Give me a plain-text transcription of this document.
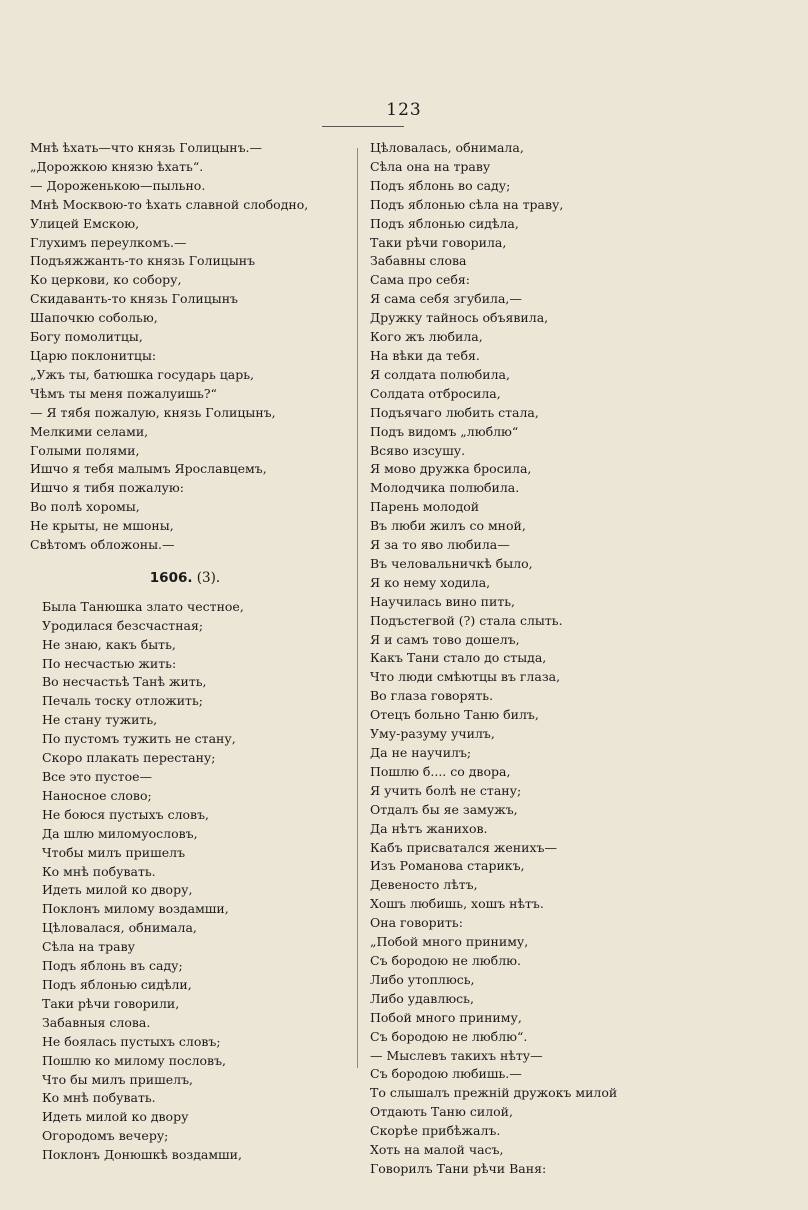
123
Мнѣ ѣхать—что князь Голицынъ.—
„Дорожкою князю ѣхать“.
— Дороженькою—пыльно.
Мнѣ Москвою-то ѣхать славной слободно,
Улицей Емскою,
Глухимъ переулкомъ.—
Подъяжжанть-то князь Голицынъ
Ко церкови, ко собору,
Скидаванть-то князь Голицынъ
Шапочкю соболью,
Богу помолитцы,
Царю поклонитцы:
„Ужъ ты, батюшка государь царь,
Чѣмъ ты меня пожалуишь?“
— Я тябя пожалую, князь Голицынъ,
Мелкими селами,
Голыми полями,
Ишчо я тебя малымъ Ярославцемъ,
Ишчо я тибя пожалую:
Во полѣ хоромы,
Не крыты, не мшоны,
Свѣтомъ обложоны.—
1606. (3).
Была Танюшка злато честное,
Уродилася безсчастная;
Не знаю, какъ быть,
По несчастью жить:
Во несчастьѣ Танѣ жить,
Печаль тоску отложить;
Не стану тужить,
По пустомъ тужить не стану,
Скоро плакать перестану;
Все это пустое—
Наносное слово;
Не боюся пустыхъ словъ,
Да шлю миломуословъ,
Чтобы милъ пришелъ
Ко мнѣ побувать.
Идеть милой ко двору,
Поклонъ милому воздамши,
Цѣловалася, обнимала,
Сѣла на траву
Подъ яблонь въ саду;
Подъ яблонью сидѣли,
Таки рѣчи говорили,
Забавныя слова.
Не боялась пустыхъ словъ;
Пошлю ко милому пословъ,
Что бы милъ пришелъ,
Ко мнѣ побувать.
Идеть милой ко двору
Огородомъ вечеру;
Поклонъ Донюшкѣ воздамши,
Цѣловалась, обнимала,
Сѣла она на траву
Подъ яблонь во саду;
Подъ яблонью сѣла на траву,
Подъ яблонью сидѣла,
Таки рѣчи говорила,
Забавны слова
Сама про себя:
Я сама себя згубила,—
Дружку тайнось объявила,
Кого жъ любила,
На вѣки да тебя.
Я солдата полюбила,
Солдата отбросила,
Подъячаго любить стала,
Подъ видомъ „люблю“
Всяво изсушу.
Я мово дружка бросила,
Молодчика полюбила.
Парень молодой
Въ люби жилъ со мной,
Я за то яво любила—
Въ человальничкѣ было,
Я ко нему ходила,
Научилась вино пить,
Подъстегвой (?) стала слыть.
Я и самъ тово дошелъ,
Какъ Тани стало до стыда,
Что люди смѣютцы въ глаза,
Во глаза говорять.
Отецъ больно Таню билъ,
Уму-разуму училъ,
Да не научилъ;
Пошлю б.... со двора,
Я учить болѣ не стану;
Отдалъ бы яе замужъ,
Да нѣтъ жанихов.
Кабъ присватался женихъ—
Изъ Романова старикъ,
Девеносто лѣтъ,
Хошъ любишь, хошъ нѣтъ.
Она говорить:
„Побой много приниму,
Съ бородою не люблю.
Либо утоплюсь,
Либо удавлюсь,
Побой много приниму,
Съ бородою не люблю“.
— Мыслевъ такихъ нѣту—
Съ бородою любишь.—
То слышалъ прежній дружокъ милой
Отдають Таню силой,
Скорѣе прибѣжалъ.
Хоть на малой часъ,
Говорилъ Тани рѣчи Ваня:
